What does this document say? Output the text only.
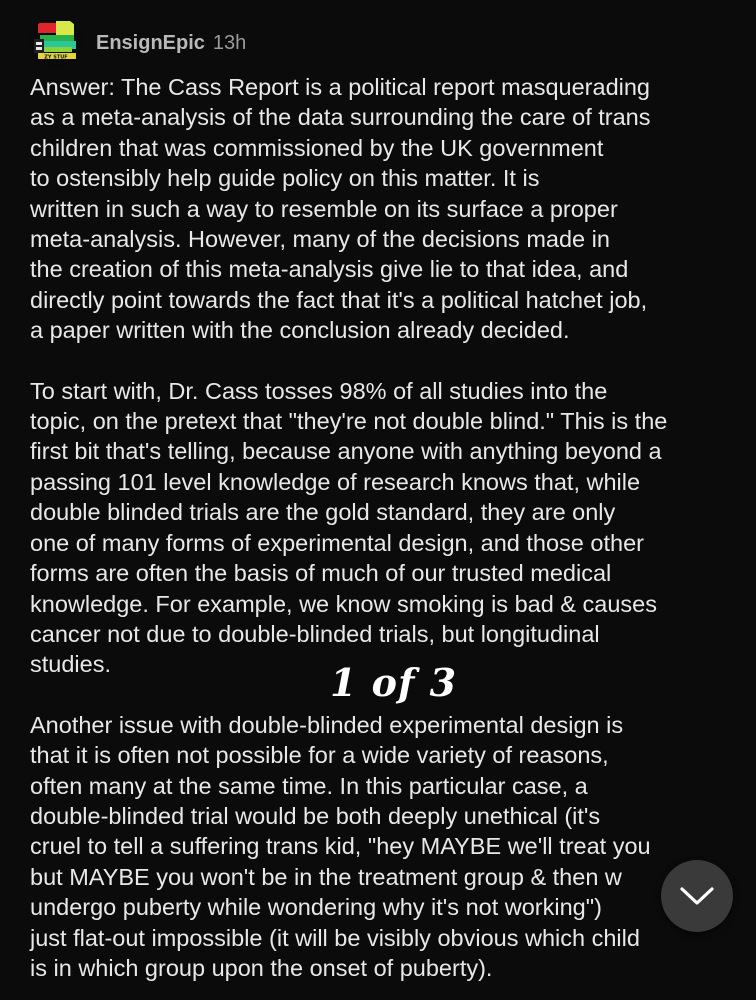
ZY STUF
EnsignEpic 13h
Answer: The Cass Report is a political report masquerading
as a meta-analysis of the data surrounding the care of trans
children that was commissioned by the UK government
to ostensibly help guide policy on this matter. It is
written in such a way to resemble on its surface a proper
meta-analysis. However, many of the decisions made in
the creation of this meta-analysis give lie to that idea, and
directly point towards the fact that it's a political hatchet job,
a paper written with the conclusion already decided.
To start with, Dr. Cass tosses 98% of all studies into the
topic, on the pretext that "they're not double blind." This is the
first bit that's telling, because anyone with anything beyond a
passing 101 level knowledge of research knows that, while
double blinded trials are the gold standard, they are only
one of many forms of experimental design, and those other
forms are often the basis of much of our trusted medical
knowledge. For example, we know smoking is bad & causes
cancer not due to double-blinded trials, but longitudinal
studies.
Another issue with double-blinded experimental design is
that it is often not possible for a wide variety of reasons,
often many at the same time. In this particular case, a
double-blinded trial would be both deeply unethical (it's
cruel to tell a suffering trans kid, "hey MAYBE we'll treat you
but MAYBE you won't be in the treatment group & then w
undergo puberty while wondering why it's not working")
just flat-out impossible (it will be visibly obvious which child
is in which group upon the onset of puberty).
1 of 3
